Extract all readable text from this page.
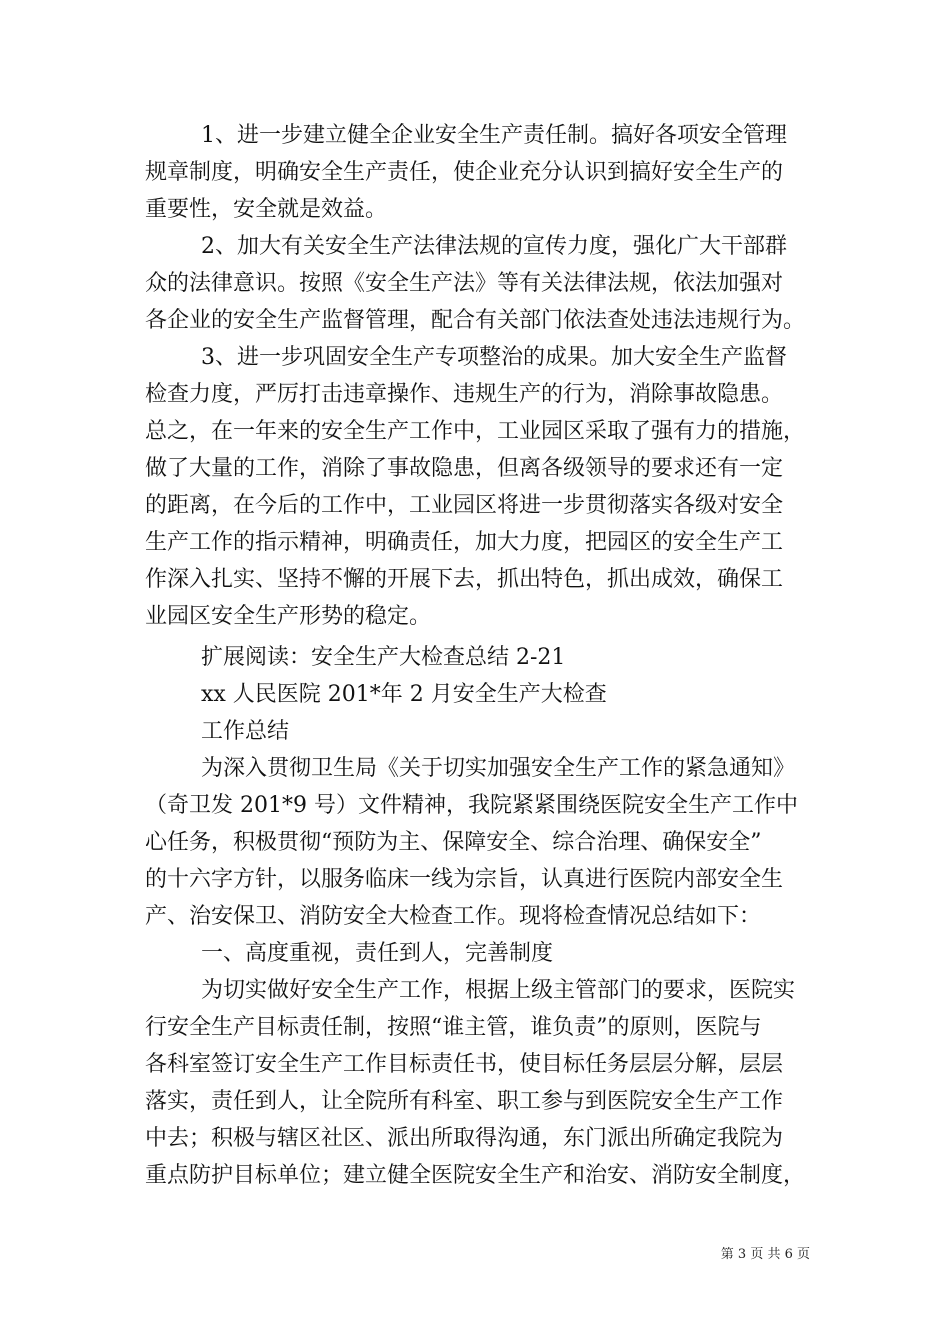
1、进一步建立健全企业安全生产责任制。搞好各项安全管理
规章制度，明确安全生产责任，使企业充分认识到搞好安全生产的
重要性，安全就是效益。
2、加大有关安全生产法律法规的宣传力度，强化广大干部群
众的法律意识。按照《安全生产法》等有关法律法规，依法加强对
各企业的安全生产监督管理，配合有关部门依法查处违法违规行为。
3、进一步巩固安全生产专项整治的成果。加大安全生产监督
检查力度，严厉打击违章操作、违规生产的行为，消除事故隐患。
总之，在一年来的安全生产工作中，工业园区采取了强有力的措施，
做了大量的工作，消除了事故隐患，但离各级领导的要求还有一定
的距离，在今后的工作中，工业园区将进一步贯彻落实各级对安全
生产工作的指示精神，明确责任，加大力度，把园区的安全生产工
作深入扎实、坚持不懈的开展下去，抓出特色，抓出成效，确保工
业园区安全生产形势的稳定。
扩展阅读：安全生产大检查总结 2-21
xx 人民医院 201*年 2 月安全生产大检查
工作总结
为深入贯彻卫生局《关于切实加强安全生产工作的紧急通知》
（奇卫发 201*9 号）文件精神，我院紧紧围绕医院安全生产工作中
心任务，积极贯彻“预防为主、保障安全、综合治理、确保安全”
的十六字方针，以服务临床一线为宗旨，认真进行医院内部安全生
产、治安保卫、消防安全大检查工作。现将检查情况总结如下：
一、高度重视，责任到人，完善制度
为切实做好安全生产工作，根据上级主管部门的要求，医院实
行安全生产目标责任制，按照“谁主管，谁负责”的原则，医院与
各科室签订安全生产工作目标责任书，使目标任务层层分解，层层
落实，责任到人，让全院所有科室、职工参与到医院安全生产工作
中去；积极与辖区社区、派出所取得沟通，东门派出所确定我院为
重点防护目标单位；建立健全医院安全生产和治安、消防安全制度，
第 3 页 共 6 页
